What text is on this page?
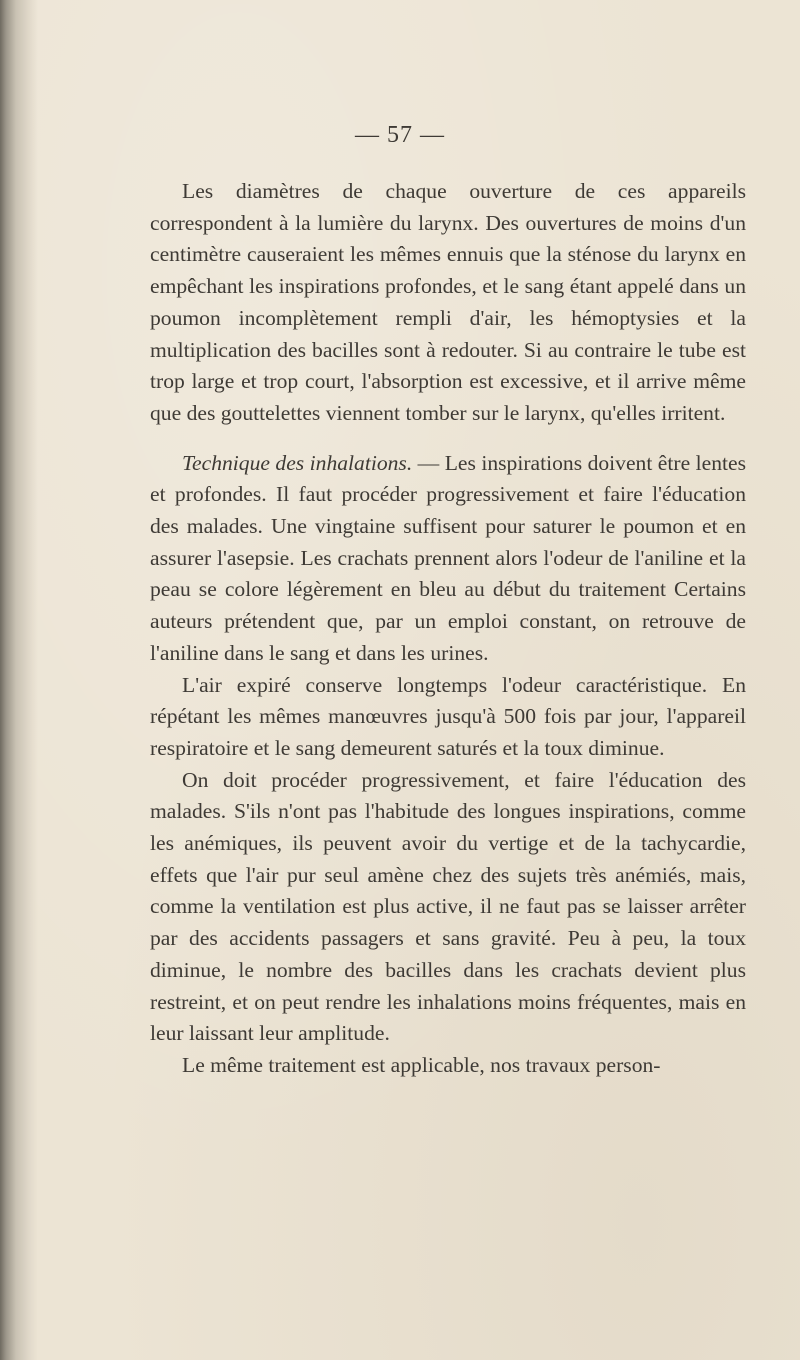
— 57 —

Les diamètres de chaque ouverture de ces appareils correspondent à la lumière du larynx. Des ouvertures de moins d'un centimètre causeraient les mêmes ennuis que la sténose du larynx en empêchant les inspirations profondes, et le sang étant appelé dans un poumon incomplètement rempli d'air, les hémoptysies et la multiplication des bacilles sont à redouter. Si au contraire le tube est trop large et trop court, l'absorption est excessive, et il arrive même que des gouttelettes viennent tomber sur le larynx, qu'elles irritent.

Technique des inhalations. — Les inspirations doivent être lentes et profondes. Il faut procéder progressivement et faire l'éducation des malades. Une vingtaine suffisent pour saturer le poumon et en assurer l'asepsie. Les crachats prennent alors l'odeur de l'aniline et la peau se colore légèrement en bleu au début du traitement Certains auteurs prétendent que, par un emploi constant, on retrouve de l'aniline dans le sang et dans les urines.

L'air expiré conserve longtemps l'odeur caractéristique. En répétant les mêmes manœuvres jusqu'à 500 fois par jour, l'appareil respiratoire et le sang demeurent saturés et la toux diminue.

On doit procéder progressivement, et faire l'éducation des malades. S'ils n'ont pas l'habitude des longues inspirations, comme les anémiques, ils peuvent avoir du vertige et de la tachycardie, effets que l'air pur seul amène chez des sujets très anémiés, mais, comme la ventilation est plus active, il ne faut pas se laisser arrêter par des accidents passagers et sans gravité. Peu à peu, la toux diminue, le nombre des bacilles dans les crachats devient plus restreint, et on peut rendre les inhalations moins fréquentes, mais en leur laissant leur amplitude.

Le même traitement est applicable, nos travaux person-
